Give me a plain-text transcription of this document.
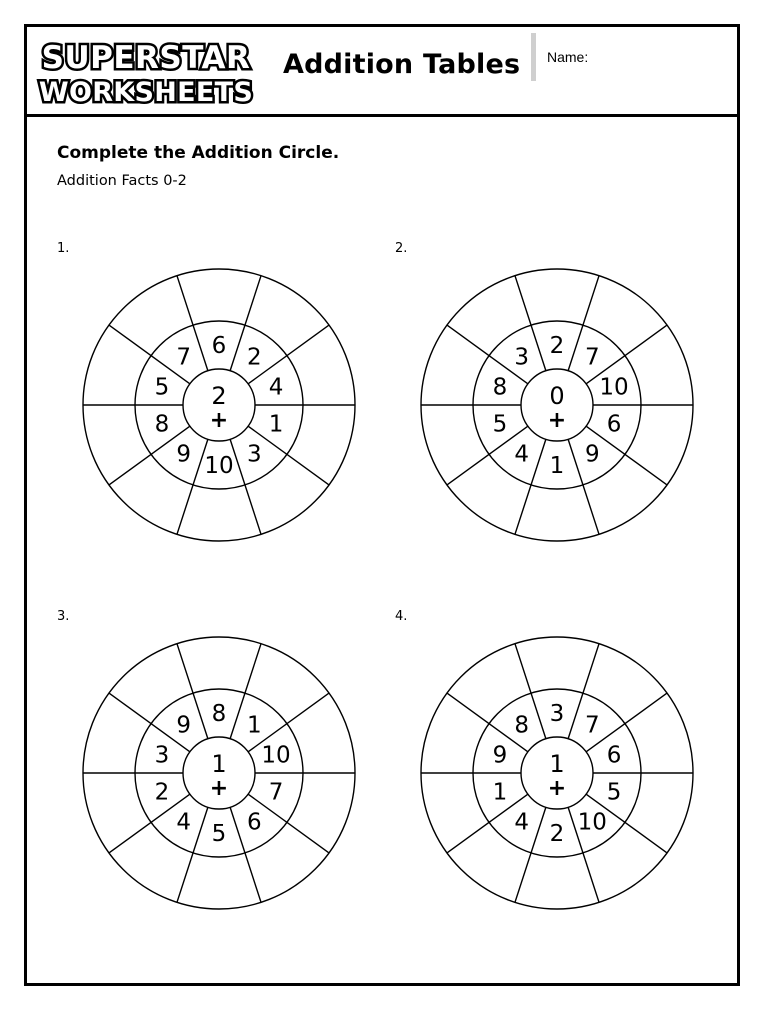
SUPERSTAR
WORKSHEETS
Addition Tables Name:
Complete the Addition Circle.
Addition Facts 0-2
1.
6 2
4
1
3
10
9
8
5
7
2
+
2.
2 7
10
6
9
1
4
5
8
3
0
+
3.
8 1
10
7
6
5
4
2
3
9
1
+
4.
3 7
6
5
10
2
4
1
9
8
1
+
